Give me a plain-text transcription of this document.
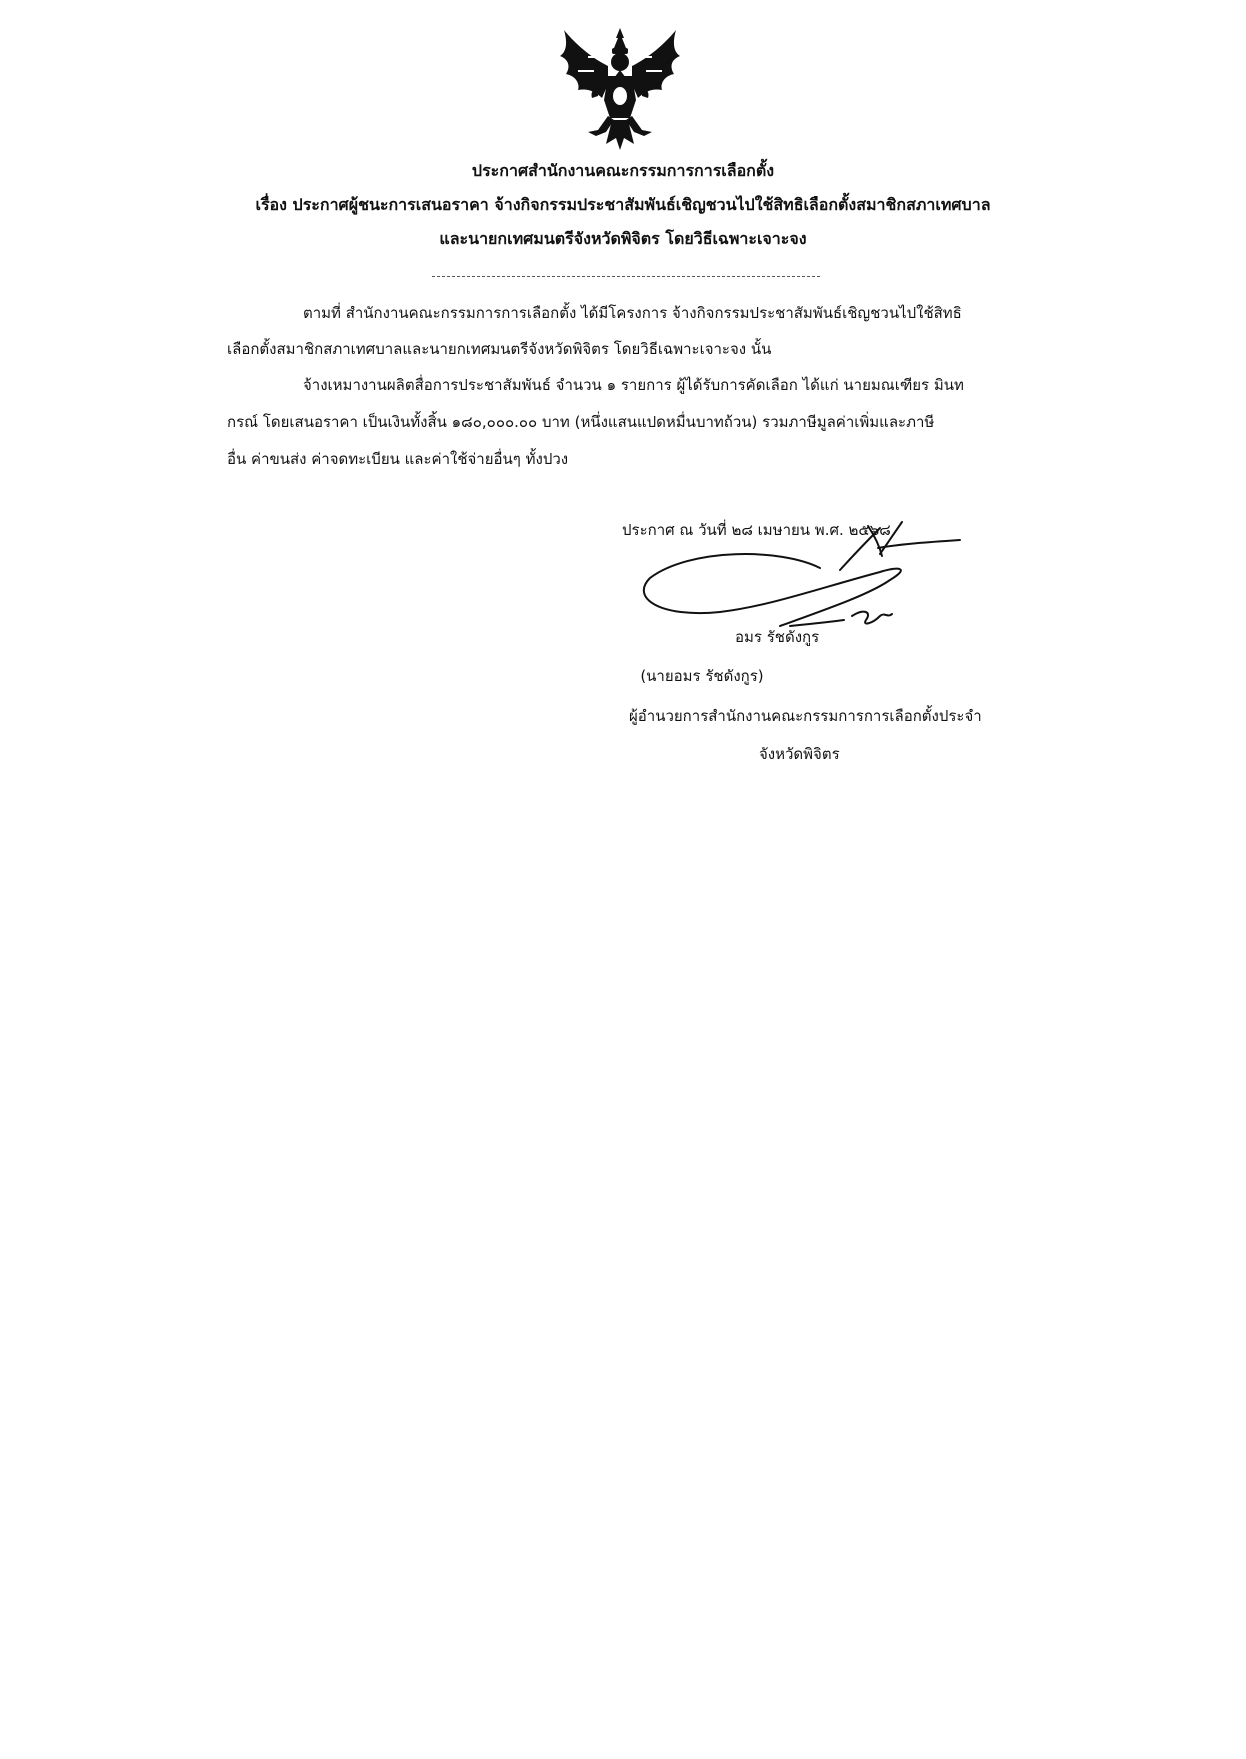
ประกาศสำนักงานคณะกรรมการการเลือกตั้ง
เรื่อง ประกาศผู้ชนะการเสนอราคา จ้างกิจกรรมประชาสัมพันธ์เชิญชวนไปใช้สิทธิเลือกตั้งสมาชิกสภาเทศบาล
และนายกเทศมนตรีจังหวัดพิจิตร โดยวิธีเฉพาะเจาะจง
ตามที่ สำนักงานคณะกรรมการการเลือกตั้ง ได้มีโครงการ จ้างกิจกรรมประชาสัมพันธ์เชิญชวนไปใช้สิทธิ
เลือกตั้งสมาชิกสภาเทศบาลและนายกเทศมนตรีจังหวัดพิจิตร โดยวิธีเฉพาะเจาะจง นั้น
จ้างเหมางานผลิตสื่อการประชาสัมพันธ์ จำนวน ๑ รายการ ผู้ได้รับการคัดเลือก ได้แก่ นายมณเฑียร มินท
กรณ์ โดยเสนอราคา เป็นเงินทั้งสิ้น ๑๘๐,๐๐๐.๐๐ บาท (หนึ่งแสนแปดหมื่นบาทถ้วน) รวมภาษีมูลค่าเพิ่มและภาษี
อื่น ค่าขนส่ง ค่าจดทะเบียน และค่าใช้จ่ายอื่นๆ ทั้งปวง
ประกาศ ณ วันที่ ๒๘ เมษายน พ.ศ. ๒๕๖๘
อมร รัชดังกูร
(นายอมร รัชดังกูร)
ผู้อำนวยการสำนักงานคณะกรรมการการเลือกตั้งประจำ
จังหวัดพิจิตร
